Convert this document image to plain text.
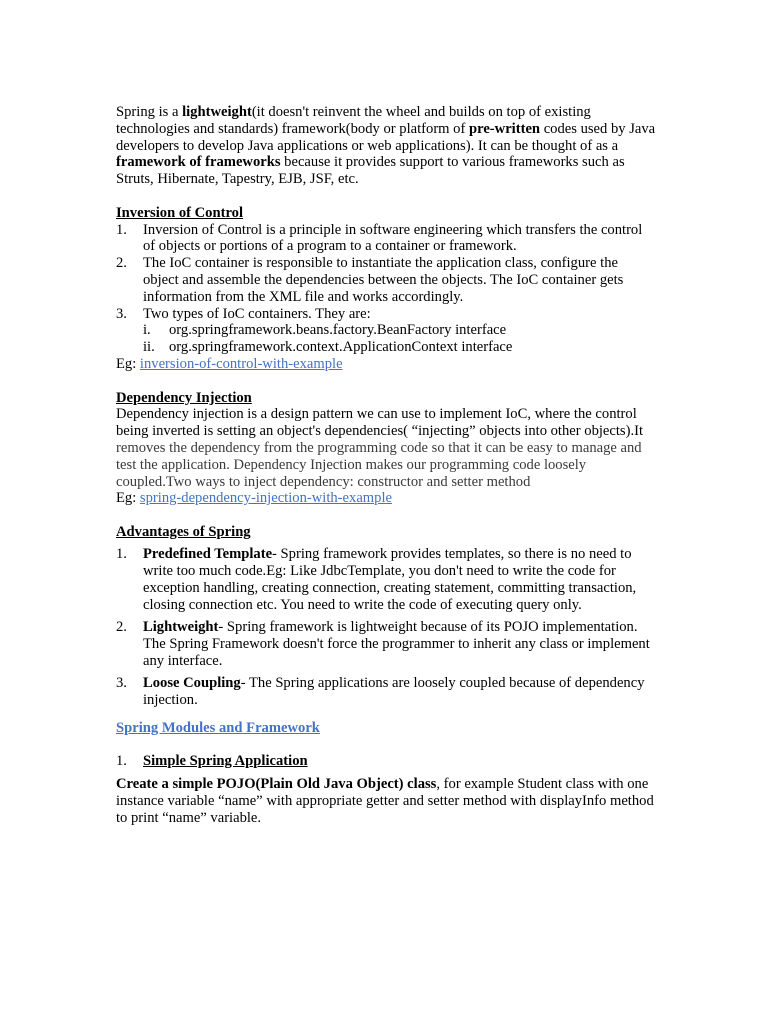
Spring is a lightweight(it doesn't reinvent the wheel and builds on top of existing technologies and standards) framework(body or platform of pre-written codes used by Java developers to develop Java applications or web applications). It can be thought of as a framework of frameworks because it provides support to various frameworks such as Struts, Hibernate, Tapestry, EJB, JSF, etc.

Inversion of Control

1. Inversion of Control is a principle in software engineering which transfers the control of objects or portions of a program to a container or framework.
2. The IoC container is responsible to instantiate the application class, configure the object and assemble the dependencies between the objects. The IoC container gets information from the XML file and works accordingly.
3. Two types of IoC containers. They are:
i. org.springframework.beans.factory.BeanFactory interface
ii. org.springframework.context.ApplicationContext interface

Eg: inversion-of-control-with-example

Dependency Injection

Dependency injection is a design pattern we can use to implement IoC, where the control being inverted is setting an object's dependencies( “injecting” objects into other objects).It removes the dependency from the programming code so that it can be easy to manage and test the application. Dependency Injection makes our programming code loosely coupled.Two ways to inject dependency: constructor and setter method

Eg: spring-dependency-injection-with-example

Advantages of Spring

1. Predefined Template- Spring framework provides templates, so there is no need to write too much code.Eg: Like JdbcTemplate, you don't need to write the code for exception handling, creating connection, creating statement, committing transaction, closing connection etc. You need to write the code of executing query only.
2. Lightweight- Spring framework is lightweight because of its POJO implementation. The Spring Framework doesn't force the programmer to inherit any class or implement any interface.
3. Loose Coupling- The Spring applications are loosely coupled because of dependency injection.

Spring Modules and Framework

1. Simple Spring Application

Create a simple POJO(Plain Old Java Object) class, for example Student class with one instance variable “name” with appropriate getter and setter method with displayInfo method to print “name” variable.
